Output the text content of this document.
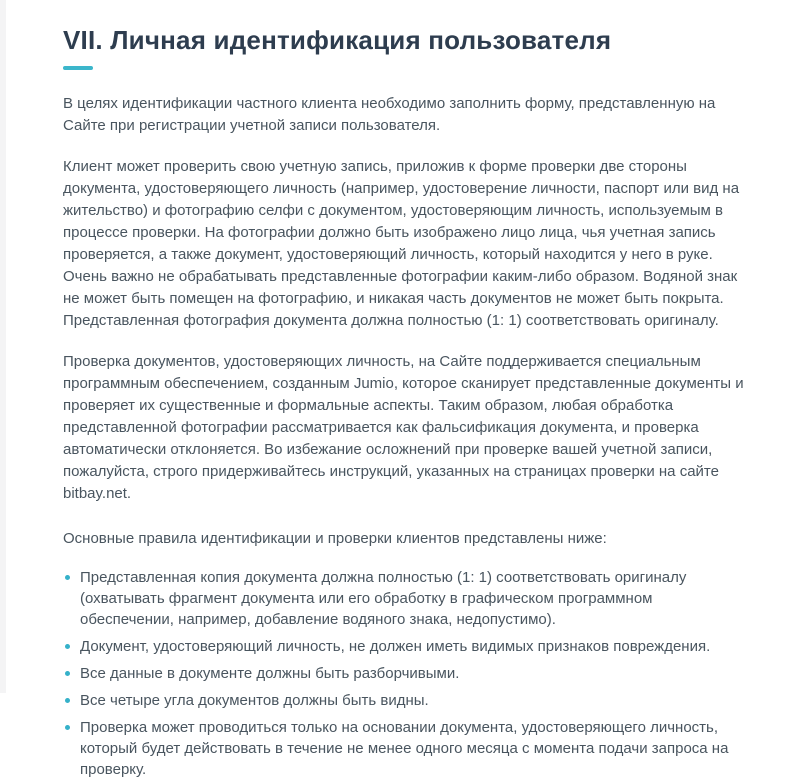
VII. Личная идентификация пользователя

В целях идентификации частного клиента необходимо заполнить форму, представленную на Сайте при регистрации учетной записи пользователя.

Клиент может проверить свою учетную запись, приложив к форме проверки две стороны документа, удостоверяющего личность (например, удостоверение личности, паспорт или вид на жительство) и фотографию селфи с документом, удостоверяющим личность, используемым в процессе проверки. На фотографии должно быть изображено лицо лица, чья учетная запись проверяется, а также документ, удостоверяющий личность, который находится у него в руке. Очень важно не обрабатывать представленные фотографии каким-либо образом. Водяной знак не может быть помещен на фотографию, и никакая часть документов не может быть покрыта. Представленная фотография документа должна полностью (1: 1) соответствовать оригиналу.

Проверка документов, удостоверяющих личность, на Сайте поддерживается специальным программным обеспечением, созданным Jumio, которое сканирует представленные документы и проверяет их существенные и формальные аспекты. Таким образом, любая обработка представленной фотографии рассматривается как фальсификация документа, и проверка автоматически отклоняется. Во избежание осложнений при проверке вашей учетной записи, пожалуйста, строго придерживайтесь инструкций, указанных на страницах проверки на сайте bitbay.net.

Основные правила идентификации и проверки клиентов представлены ниже:

Представленная копия документа должна полностью (1: 1) соответствовать оригиналу (охватывать фрагмент документа или его обработку в графическом программном обеспечении, например, добавление водяного знака, недопустимо).
Документ, удостоверяющий личность, не должен иметь видимых признаков повреждения.
Все данные в документе должны быть разборчивыми.
Все четыре угла документов должны быть видны.
Проверка может проводиться только на основании документа, удостоверяющего личность, который будет действовать в течение не менее одного месяца с момента подачи запроса на проверку.
